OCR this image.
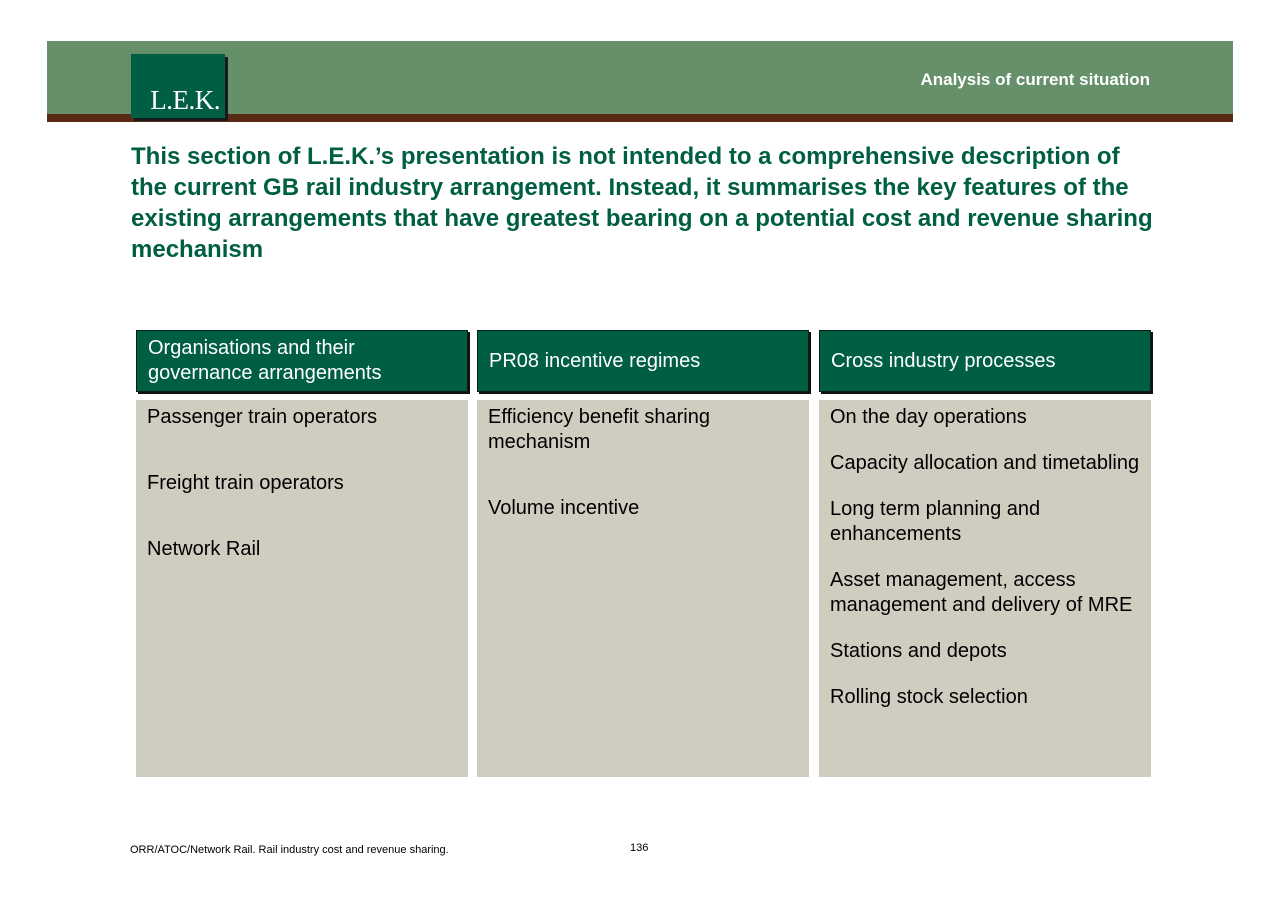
L.E.K.
Analysis of current situation
This section of L.E.K.’s presentation is not intended to a comprehensive description of the current GB rail industry arrangement. Instead, it summarises the key features of the existing arrangements that have greatest bearing on a potential cost and revenue sharing mechanism
Organisations and their governance arrangements

Passenger train operators

Freight train operators

Network Rail

PR08 incentive regimes

Efficiency benefit sharing mechanism

Volume incentive

Cross industry processes

On the day operations

Capacity allocation and timetabling

Long term planning and enhancements

Asset management, access management and delivery of MRE

Stations and depots

Rolling stock selection

ORR/ATOC/Network Rail. Rail industry cost and revenue sharing.	136
